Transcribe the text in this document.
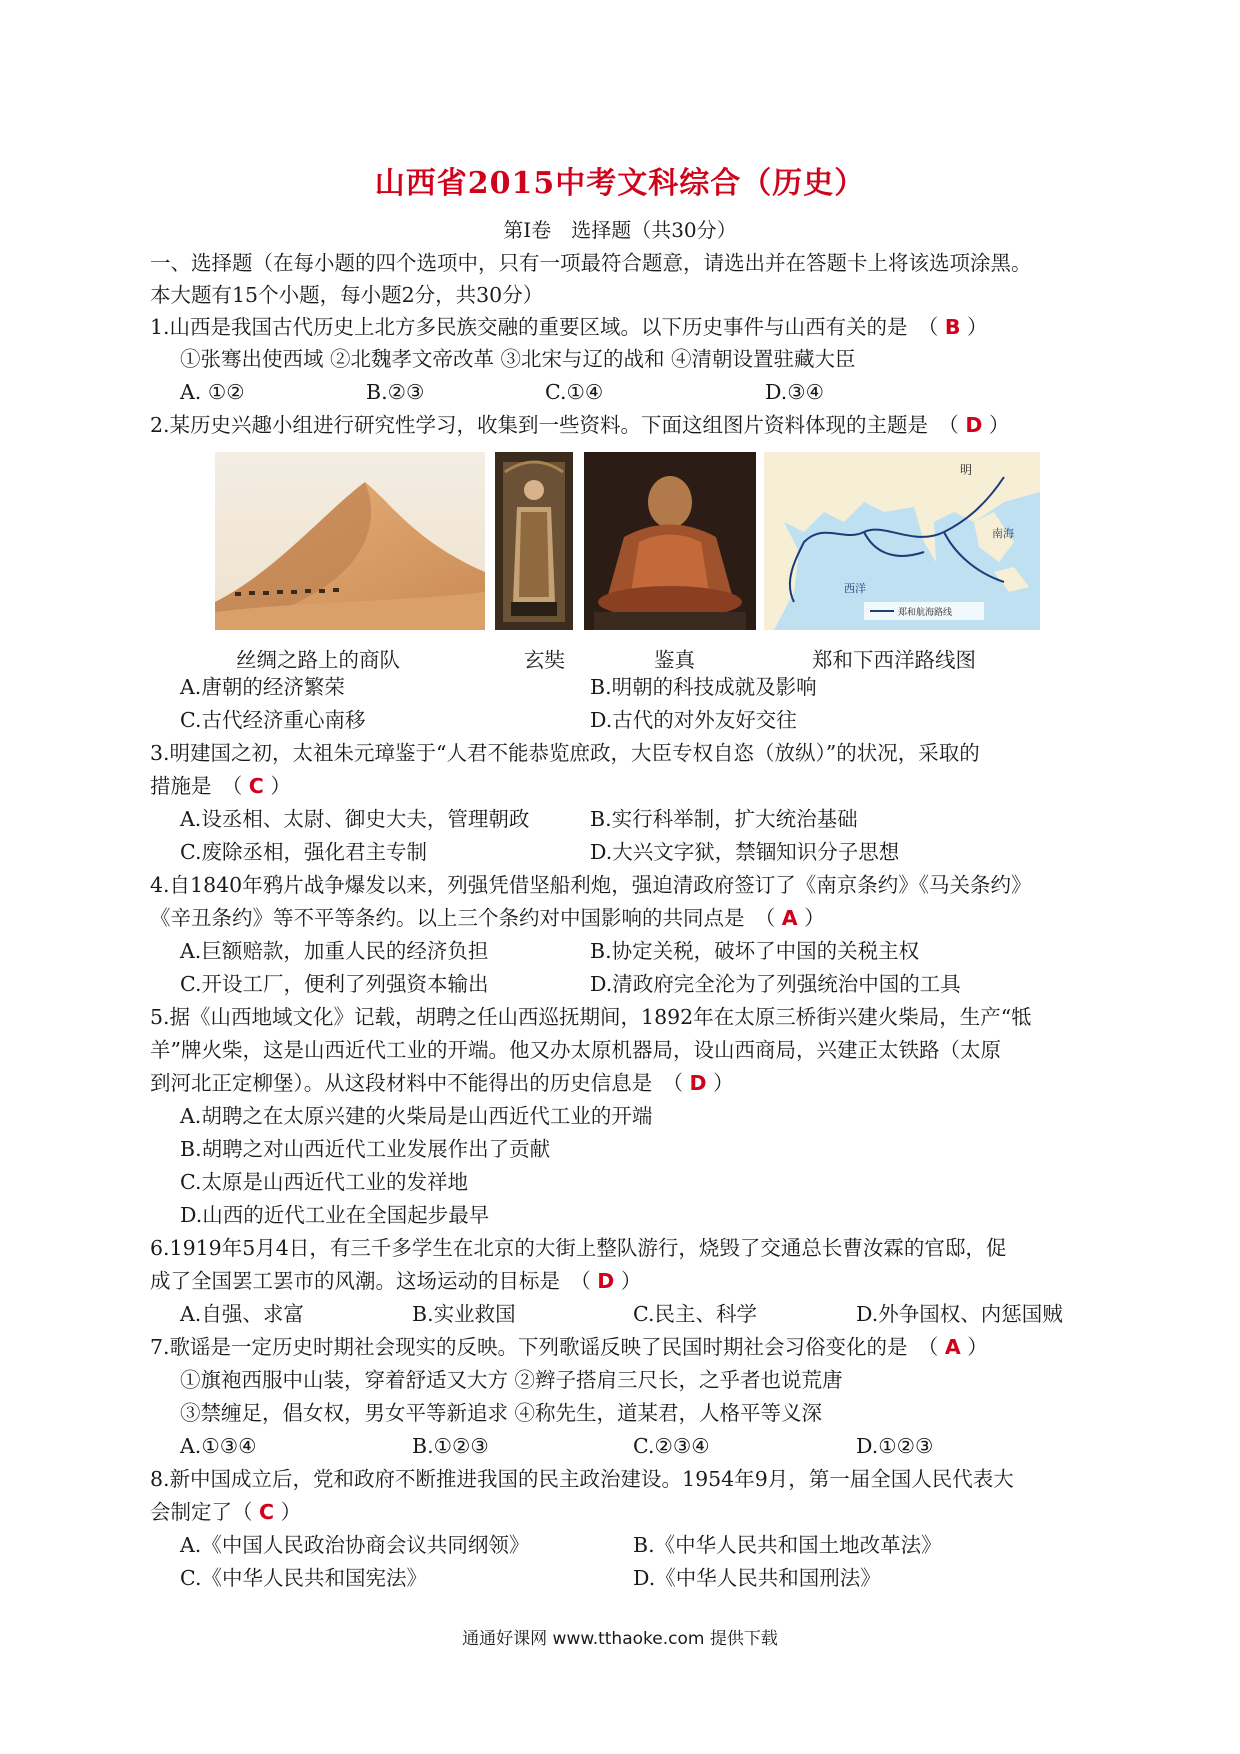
山西省2015中考文科综合（历史）
第Ⅰ卷　选择题（共30分）
一、选择题（在每小题的四个选项中，只有一项最符合题意，请选出并在答题卡上将该选项涂黑。
本大题有15个小题，每小题2分，共30分）
1.山西是我国古代历史上北方多民族交融的重要区域。以下历史事件与山西有关的是　（ B ）
①张骞出使西域 ②北魏孝文帝改革 ③北宋与辽的战和 ④清朝设置驻藏大臣
A. ①②	B.②③	C.①④	D.③④
2.某历史兴趣小组进行研究性学习，收集到一些资料。下面这组图片资料体现的主题是　（ D ）
明
南海
西洋
郑和航海路线
丝绸之路上的商队	玄奘	鉴真	郑和下西洋路线图
A.唐朝的经济繁荣	B.明朝的科技成就及影响
C.古代经济重心南移	D.古代的对外友好交往
3.明建国之初，太祖朱元璋鉴于“人君不能恭览庶政，大臣专权自恣（放纵）”的状况，采取的
措施是　（ C ）
A.设丞相、太尉、御史大夫，管理朝政	B.实行科举制，扩大统治基础
C.废除丞相，强化君主专制	D.大兴文字狱，禁锢知识分子思想
4.自1840年鸦片战争爆发以来，列强凭借坚船利炮，强迫清政府签订了《南京条约》《马关条约》
《辛丑条约》等不平等条约。以上三个条约对中国影响的共同点是　（ A ）
A.巨额赔款，加重人民的经济负担	B.协定关税，破坏了中国的关税主权
C.开设工厂，便利了列强资本输出	D.清政府完全沦为了列强统治中国的工具
5.据《山西地域文化》记载，胡聘之任山西巡抚期间，1892年在太原三桥街兴建火柴局，生产“牴
羊”牌火柴，这是山西近代工业的开端。他又办太原机器局，设山西商局，兴建正太铁路（太原
到河北正定柳堡）。从这段材料中不能得出的历史信息是　（ D ）
A.胡聘之在太原兴建的火柴局是山西近代工业的开端
B.胡聘之对山西近代工业发展作出了贡献
C.太原是山西近代工业的发祥地
D.山西的近代工业在全国起步最早
6.1919年5月4日，有三千多学生在北京的大街上整队游行，烧毁了交通总长曹汝霖的官邸，促
成了全国罢工罢市的风潮。这场运动的目标是　（ D ）
A.自强、求富	B.实业救国	C.民主、科学	D.外争国权、内惩国贼
7.歌谣是一定历史时期社会现实的反映。下列歌谣反映了民国时期社会习俗变化的是　（ A ）
①旗袍西服中山装，穿着舒适又大方 ②辫子搭肩三尺长，之乎者也说荒唐
③禁缠足，倡女权，男女平等新追求 ④称先生，道某君，人格平等义深
A.①③④	B.①②③	C.②③④	D.①②③
8.新中国成立后，党和政府不断推进我国的民主政治建设。1954年9月，第一届全国人民代表大
会制定了（ C ）
A.《中国人民政治协商会议共同纲领》	B.《中华人民共和国土地改革法》
C.《中华人民共和国宪法》	D.《中华人民共和国刑法》
通通好课网 www.tthaoke.com 提供下载
